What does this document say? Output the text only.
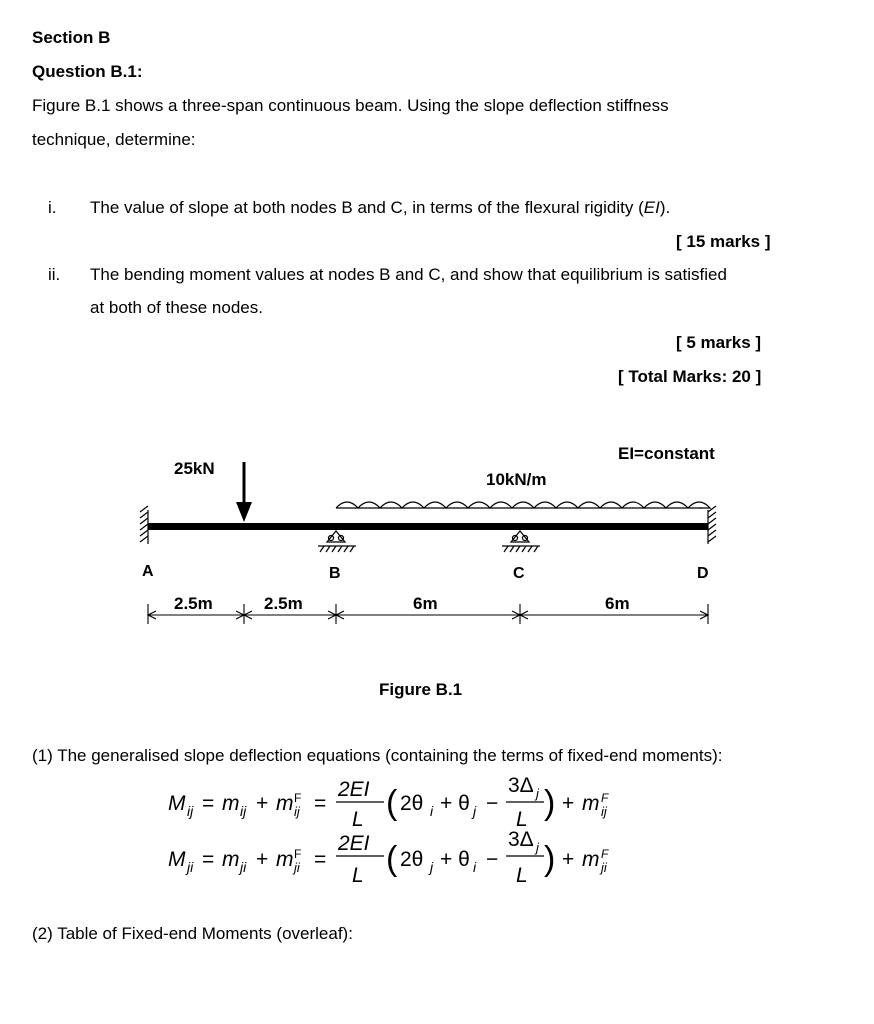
Section B
Question B.1:
Figure B.1 shows a three-span continuous beam. Using the slope deflection stiffness
technique, determine:
i. The value of slope at both nodes B and C, in terms of the flexural rigidity (EI).
[ 15 marks ]
ii. The bending moment values at nodes B and C, and show that equilibrium is satisfied
at both of these nodes.
[ 5 marks ]
[ Total Marks: 20 ]
25kN
10kN/m
EI=constant
A	B	C	D
2.5m	2.5m	6m	6m
Figure B.1
(1) The generalised slope deflection equations (containing the terms of fixed-end moments):
M ij = m ij + m F
ij =
2EI
L ( 2θ i + θ j −
3Δ j
L ) + m F
ij
M ji = m ji + m F
ji =
2EI
L ( 2θ j + θ i −
3Δ j
L ) + m F
ji
(2) Table of Fixed-end Moments (overleaf):
